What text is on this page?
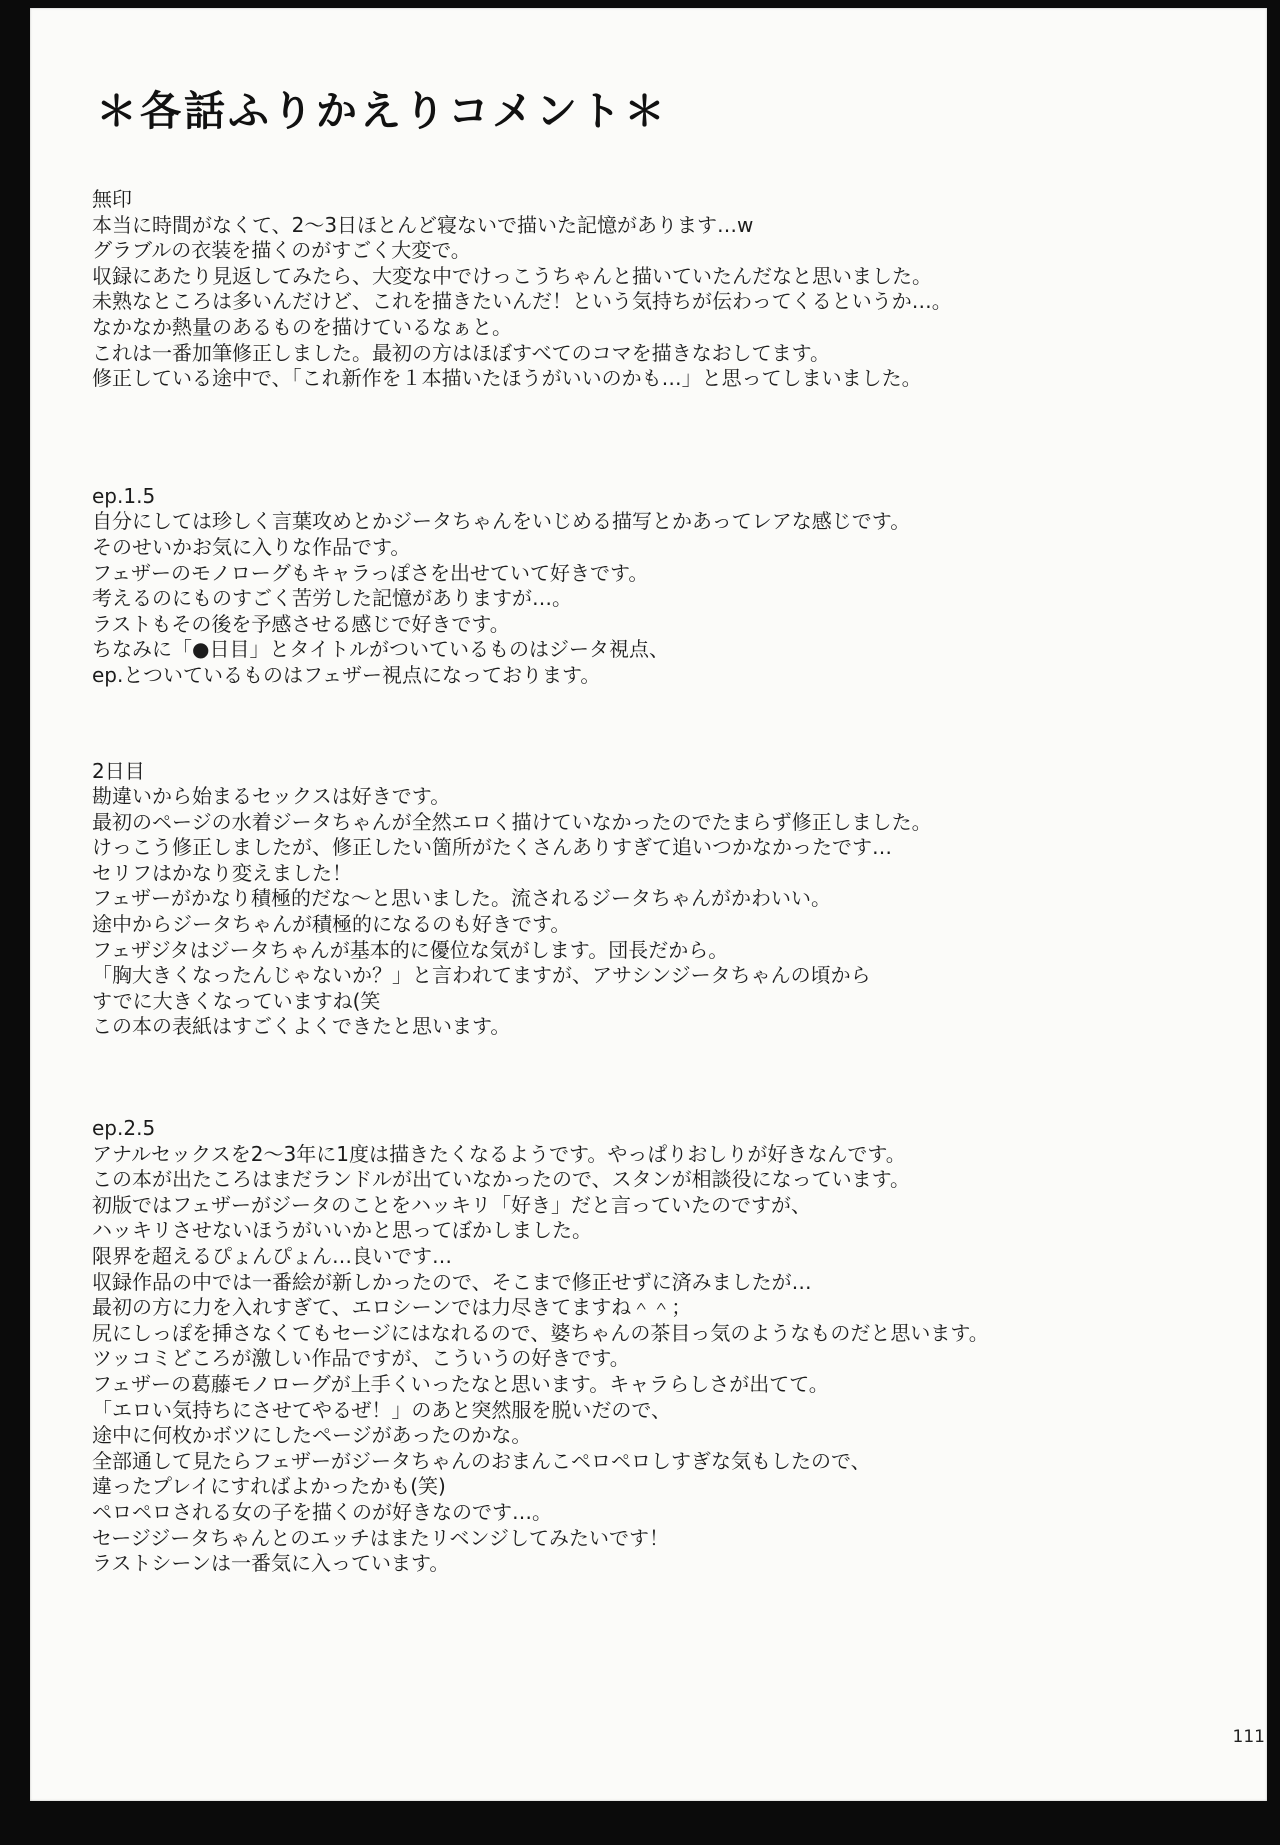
＊各話ふりかえりコメント＊
無印
本当に時間がなくて、2〜3日ほとんど寝ないで描いた記憶があります…w
グラブルの衣装を描くのがすごく大変で。
収録にあたり見返してみたら、大変な中でけっこうちゃんと描いていたんだなと思いました。
未熟なところは多いんだけど、これを描きたいんだ！という気持ちが伝わってくるというか…。
なかなか熱量のあるものを描けているなぁと。
これは一番加筆修正しました。最初の方はほぼすべてのコマを描きなおしてます。
修正している途中で、「これ新作を１本描いたほうがいいのかも…」と思ってしまいました。
ep.1.5
自分にしては珍しく言葉攻めとかジータちゃんをいじめる描写とかあってレアな感じです。
そのせいかお気に入りな作品です。
フェザーのモノローグもキャラっぽさを出せていて好きです。
考えるのにものすごく苦労した記憶がありますが…。
ラストもその後を予感させる感じで好きです。
ちなみに「●日目」とタイトルがついているものはジータ視点、
ep.とついているものはフェザー視点になっております。
2日目
勘違いから始まるセックスは好きです。
最初のページの水着ジータちゃんが全然エロく描けていなかったのでたまらず修正しました。
けっこう修正しましたが、修正したい箇所がたくさんありすぎて追いつかなかったです…
セリフはかなり変えました！
フェザーがかなり積極的だな〜と思いました。流されるジータちゃんがかわいい。
途中からジータちゃんが積極的になるのも好きです。
フェザジタはジータちゃんが基本的に優位な気がします。団長だから。
「胸大きくなったんじゃないか？」と言われてますが、アサシンジータちゃんの頃から
すでに大きくなっていますね(笑
この本の表紙はすごくよくできたと思います。
ep.2.5
アナルセックスを2〜3年に1度は描きたくなるようです。やっぱりおしりが好きなんです。
この本が出たころはまだランドルが出ていなかったので、スタンが相談役になっています。
初版ではフェザーがジータのことをハッキリ「好き」だと言っていたのですが、
ハッキリさせないほうがいいかと思ってぼかしました。
限界を超えるぴょんぴょん…良いです…
収録作品の中では一番絵が新しかったので、そこまで修正せずに済みましたが…
最初の方に力を入れすぎて、エロシーンでは力尽きてますね＾＾；
尻にしっぽを挿さなくてもセージにはなれるので、婆ちゃんの茶目っ気のようなものだと思います。
ツッコミどころが激しい作品ですが、こういうの好きです。
フェザーの葛藤モノローグが上手くいったなと思います。キャラらしさが出てて。
「エロい気持ちにさせてやるぜ！」のあと突然服を脱いだので、
途中に何枚かボツにしたページがあったのかな。
全部通して見たらフェザーがジータちゃんのおまんこペロペロしすぎな気もしたので、
違ったプレイにすればよかったかも(笑)
ペロペロされる女の子を描くのが好きなのです…。
セージジータちゃんとのエッチはまたリベンジしてみたいです！
ラストシーンは一番気に入っています。
111
